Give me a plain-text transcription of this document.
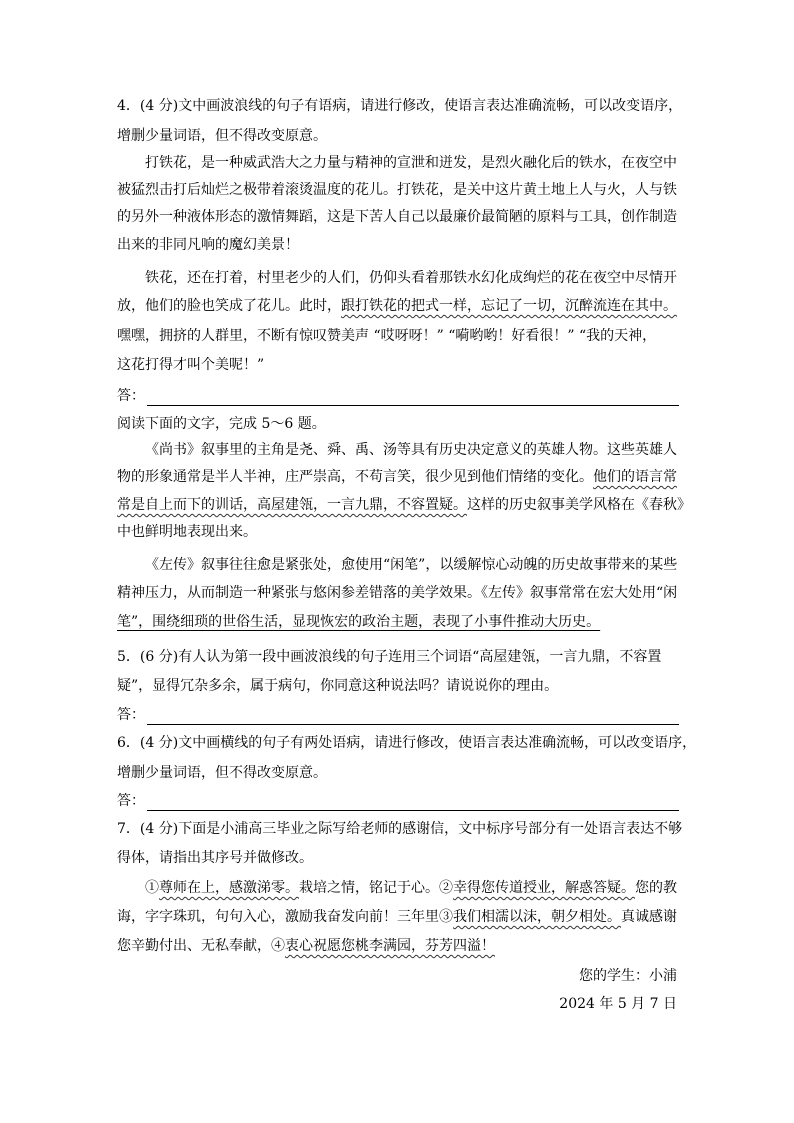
4．(4 分)文中画波浪线的句子有语病，请进行修改，使语言表达准确流畅，可以改变语序，
增删少量词语，但不得改变原意。
打铁花，是一种威武浩大之力量与精神的宣泄和迸发，是烈火融化后的铁水，在夜空中
被猛烈击打后灿烂之极带着滚烫温度的花儿。打铁花，是关中这片黄土地上人与火，人与铁
的另外一种液体形态的激情舞蹈，这是下苦人自己以最廉价最简陋的原料与工具，创作制造
出来的非同凡响的魔幻美景！
铁花，还在打着，村里老少的人们，仍仰头看着那铁水幻化成绚烂的花在夜空中尽情开
放，他们的脸也笑成了花儿。此时，跟打铁花的把式一样，忘记了一切，沉醉流连在其中。
嘿嘿，拥挤的人群里，不断有惊叹赞美声 “哎呀呀！” “嗬哟哟！好看很！” “我的天神，
这花打得才叫个美呢！”
答：
阅读下面的文字，完成 5～6 题。
《尚书》叙事里的主角是尧、舜、禹、汤等具有历史决定意义的英雄人物。这些英雄人
物的形象通常是半人半神，庄严崇高，不苟言笑，很少见到他们情绪的变化。他们的语言常
常是自上而下的训话，高屋建瓴，一言九鼎，不容置疑。这样的历史叙事美学风格在《春秋》
中也鲜明地表现出来。
《左传》叙事往往愈是紧张处，愈使用“闲笔”，以缓解惊心动魄的历史故事带来的某些
精神压力，从而制造一种紧张与悠闲参差错落的美学效果。《左传》叙事常常在宏大处用“闲
笔”，围绕细琐的世俗生活，显现恢宏的政治主题，表现了小事件推动大历史。
5．(6 分)有人认为第一段中画波浪线的句子连用三个词语“高屋建瓴，一言九鼎，不容置
疑”，显得冗杂多余，属于病句，你同意这种说法吗？请说说你的理由。
答：
6．(4 分)文中画横线的句子有两处语病，请进行修改，使语言表达准确流畅，可以改变语序，
增删少量词语，但不得改变原意。
答：
7．(4 分)下面是小浦高三毕业之际写给老师的感谢信，文中标序号部分有一处语言表达不够
得体，请指出其序号并做修改。
①尊师在上，感激涕零。栽培之情，铭记于心。②幸得您传道授业，解惑答疑。您的教
诲，字字珠玑，句句入心，激励我奋发向前！三年里③我们相濡以沫，朝夕相处。真诚感谢
您辛勤付出、无私奉献，④衷心祝愿您桃李满园，芬芳四溢！
您的学生：小浦
2024 年 5 月 7 日
